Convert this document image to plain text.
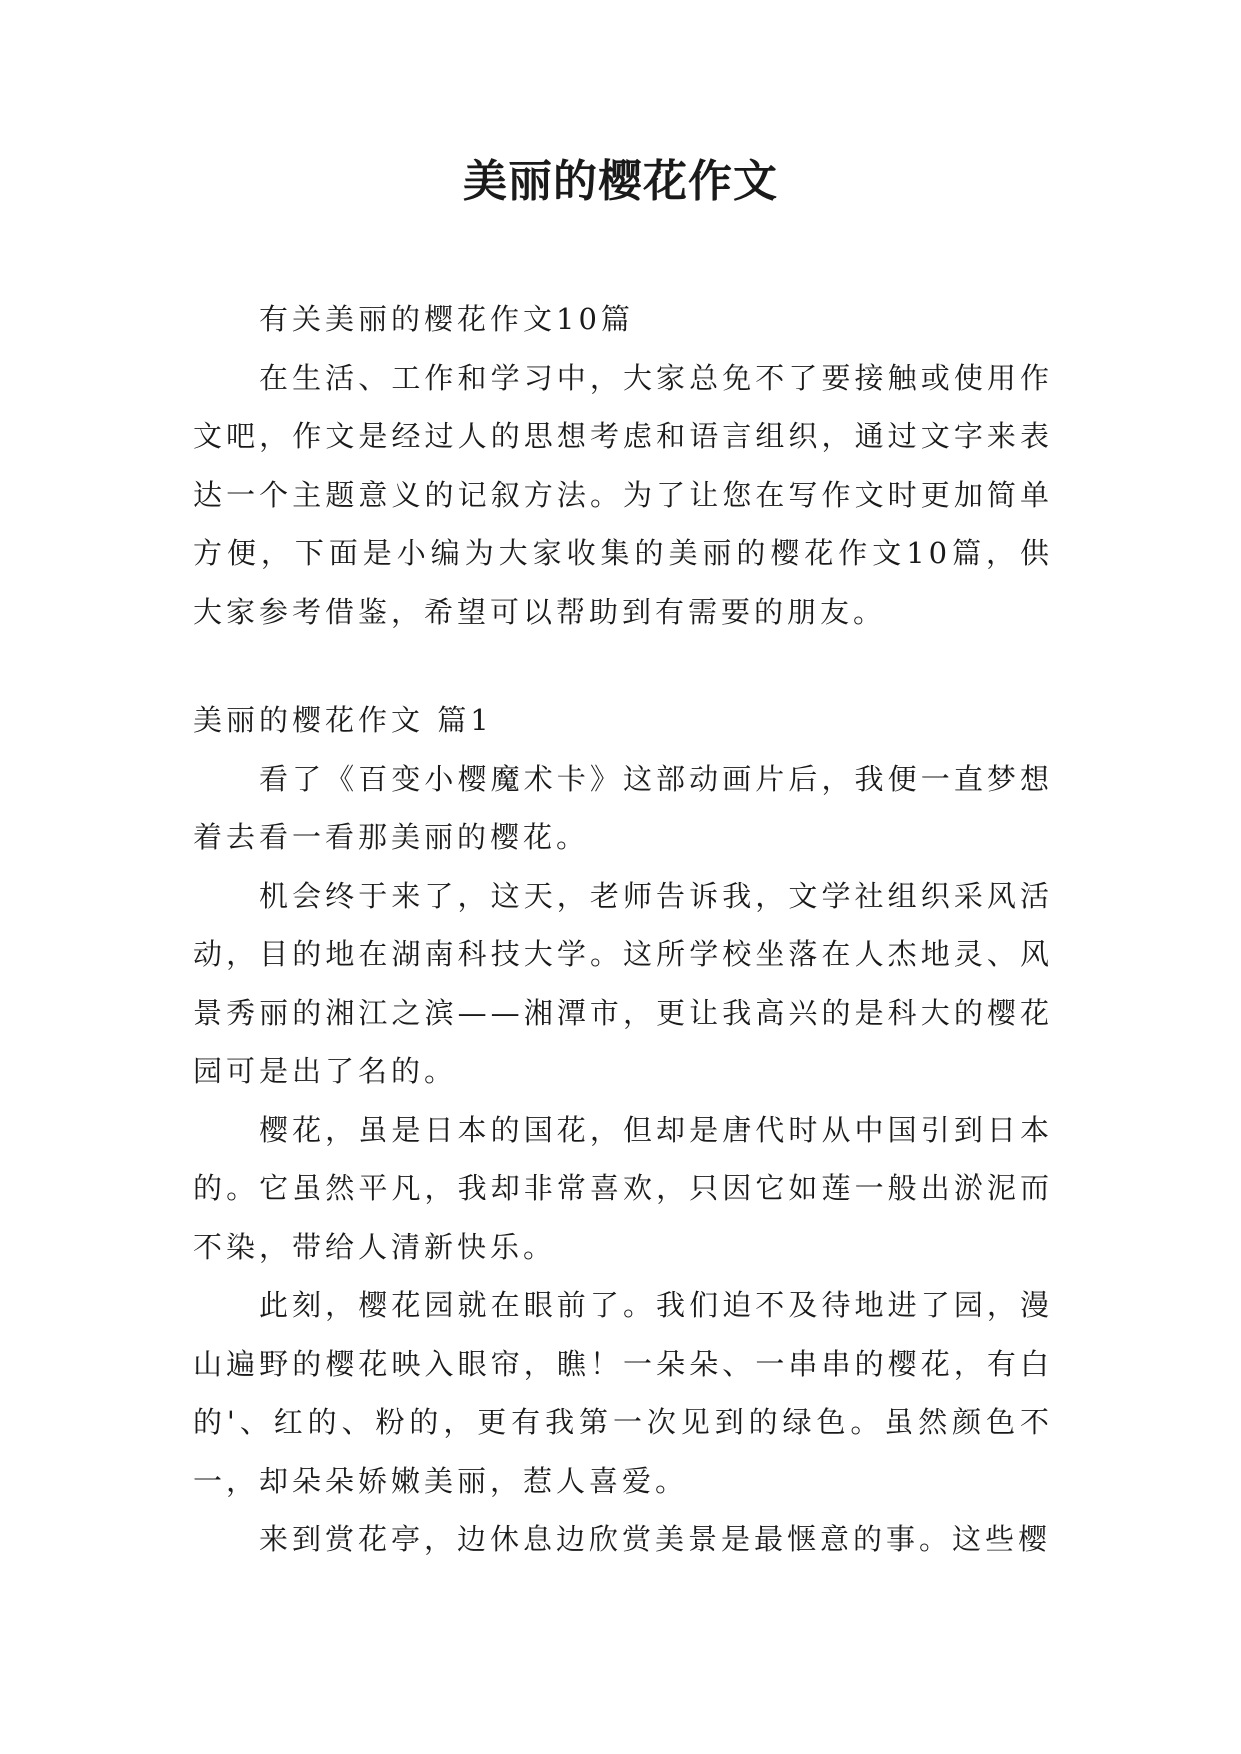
美丽的樱花作文

有关美丽的樱花作文10篇

在生活、工作和学习中，大家总免不了要接触或使用作文吧，作文是经过人的思想考虑和语言组织，通过文字来表达一个主题意义的记叙方法。为了让您在写作文时更加简单方便，下面是小编为大家收集的美丽的樱花作文10篇，供大家参考借鉴，希望可以帮助到有需要的朋友。

美丽的樱花作文 篇1

看了《百变小樱魔术卡》这部动画片后，我便一直梦想着去看一看那美丽的樱花。

机会终于来了，这天，老师告诉我，文学社组织采风活动，目的地在湖南科技大学。这所学校坐落在人杰地灵、风景秀丽的湘江之滨——湘潭市，更让我高兴的是科大的樱花园可是出了名的。

樱花，虽是日本的国花，但却是唐代时从中国引到日本的。它虽然平凡，我却非常喜欢，只因它如莲一般出淤泥而不染，带给人清新快乐。

此刻，樱花园就在眼前了。我们迫不及待地进了园，漫山遍野的樱花映入眼帘，瞧！一朵朵、一串串的樱花，有白的'、红的、粉的，更有我第一次见到的绿色。虽然颜色不一，却朵朵娇嫩美丽，惹人喜爱。

来到赏花亭，边休息边欣赏美景是最惬意的事。这些樱
